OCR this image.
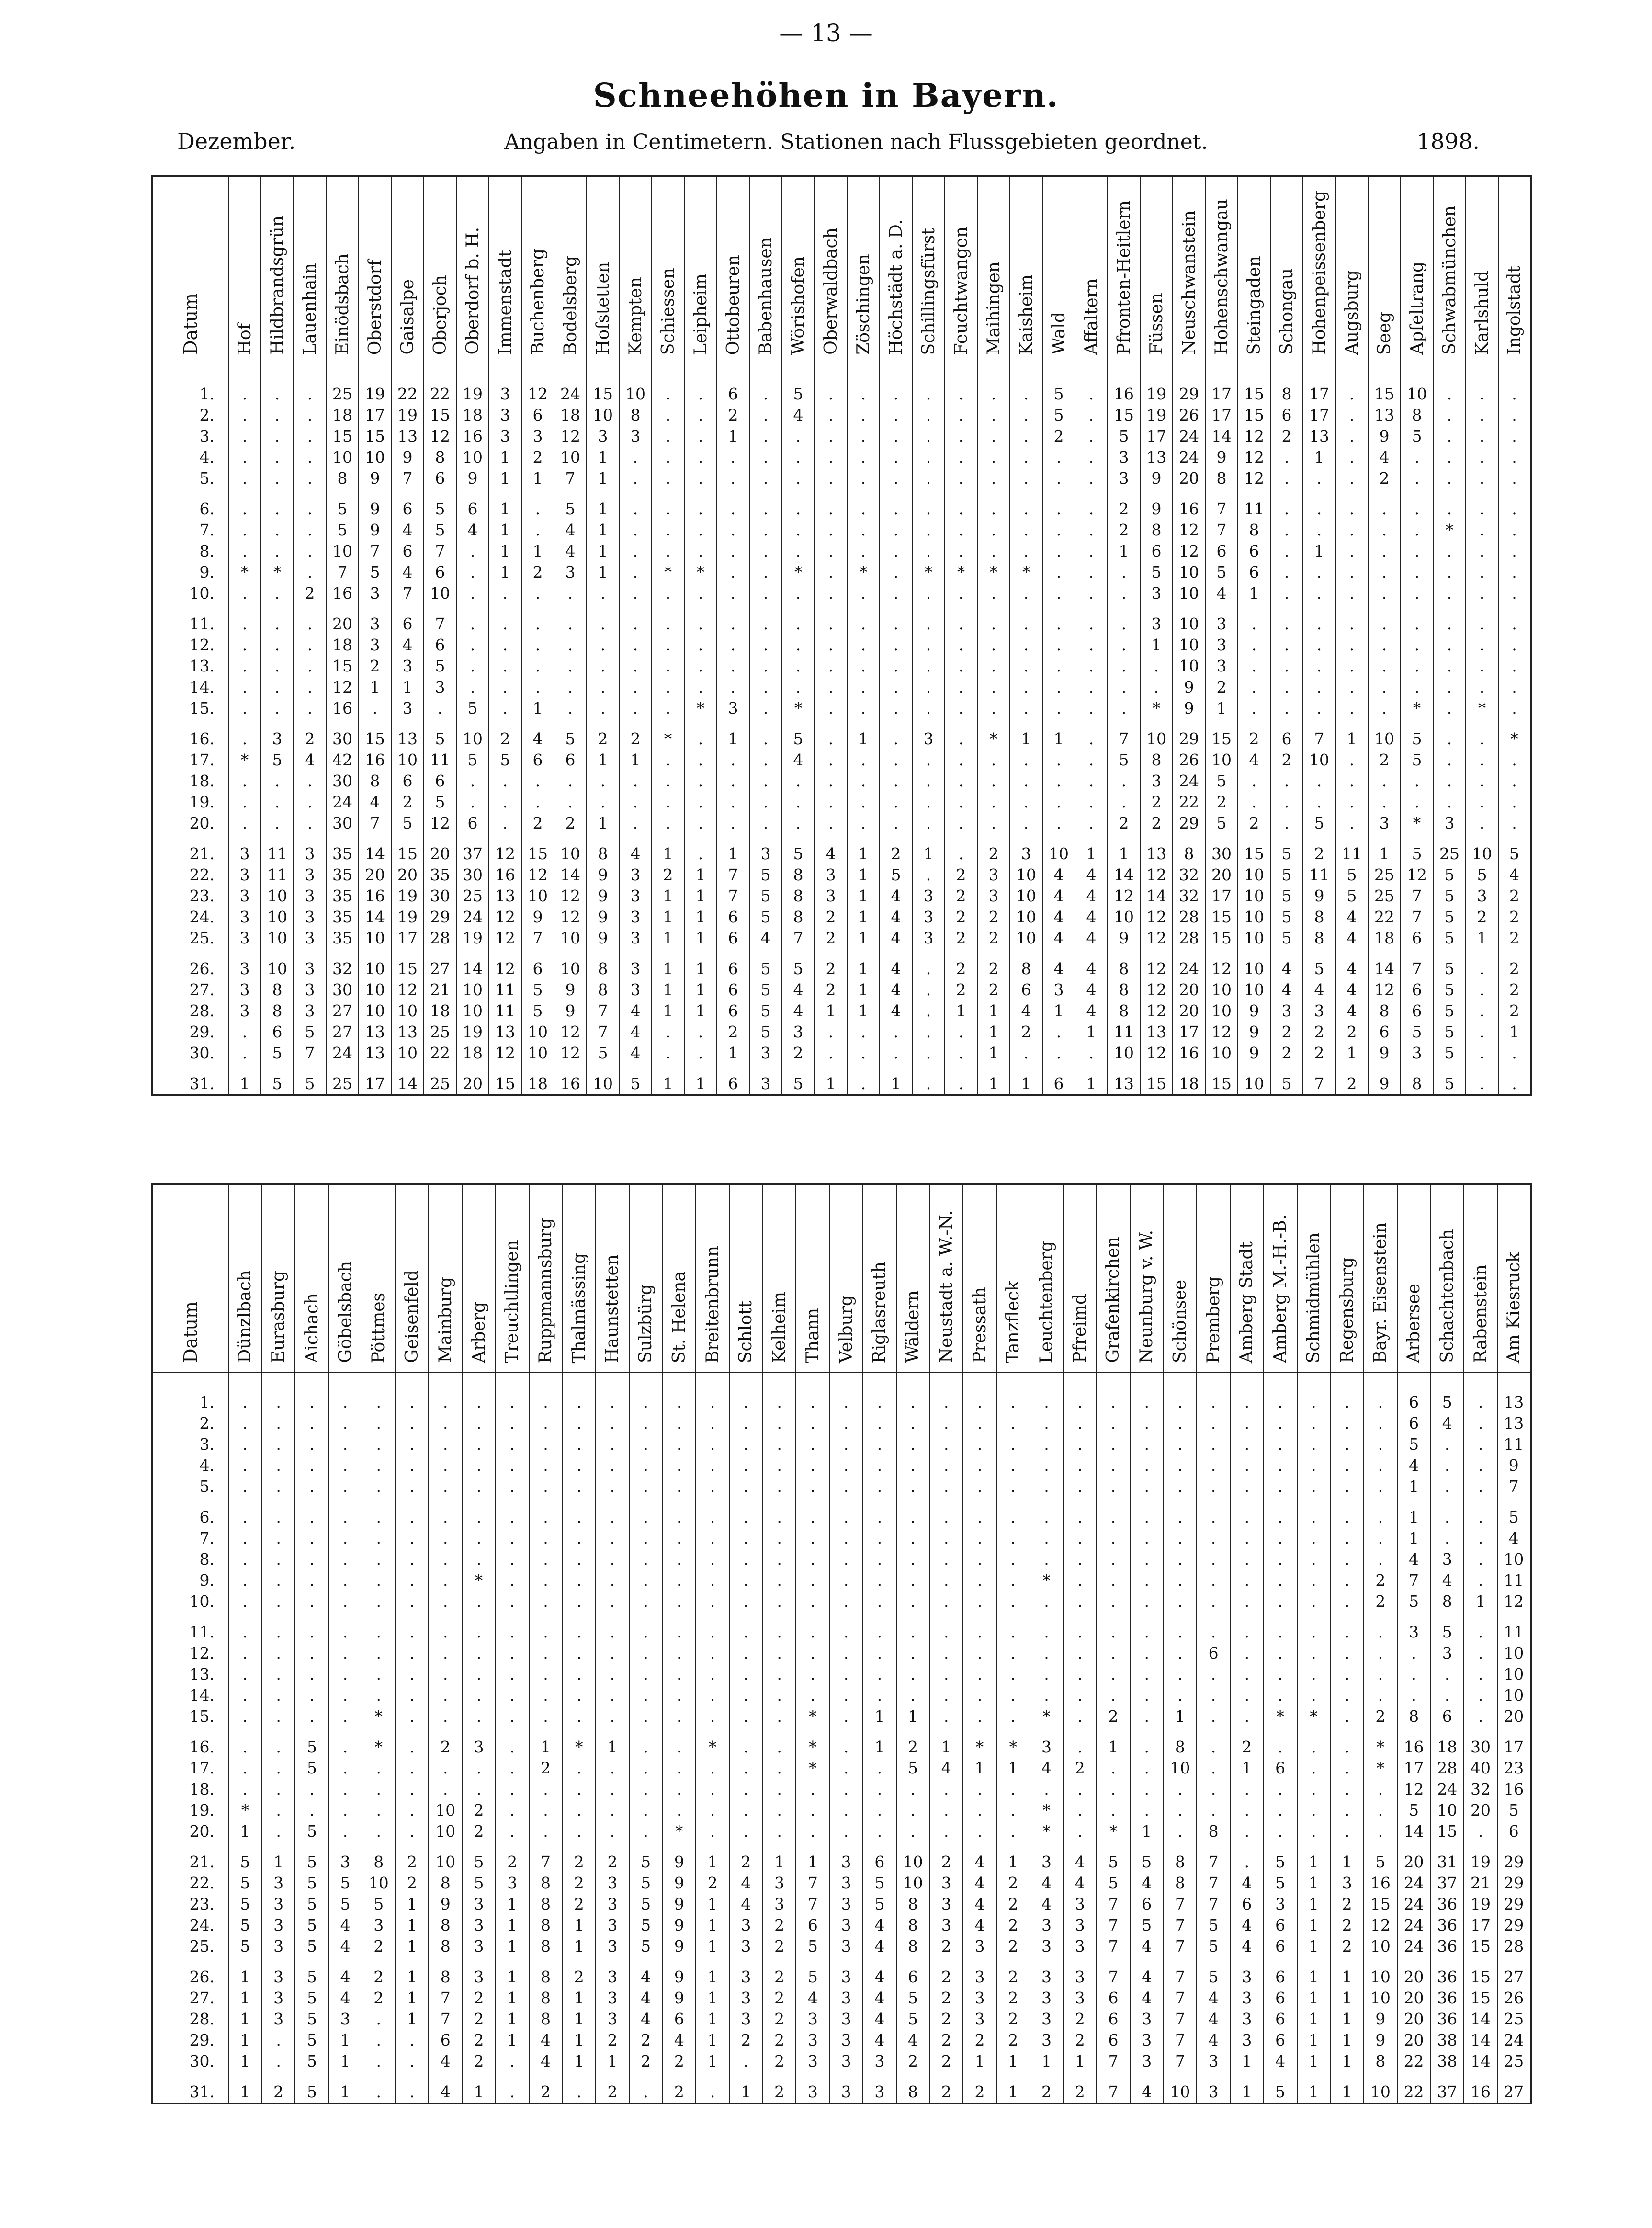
— 13 —
Schneehöhen in Bayern.
Dezember.	Angaben in Centimetern. Stationen nach Flussgebieten geordnet.	1898.
Datum	Hof	Hildbrandsgrün	Lauenhain	Einödsbach	Oberstdorf	Gaisalpe	Oberjoch	Oberdorf b. H.	Immenstadt	Buchenberg	Bodelsberg	Hofstetten	Kempten	Schiessen	Leipheim	Ottobeuren	Babenhausen	Wörishofen	Oberwaldbach	Zöschingen	Höchstädt a. D.	Schillingsfürst	Feuchtwangen	Maihingen	Kaisheim	Wald	Affaltern	Pfronten-Heitlern	Füssen	Neuschwanstein	Hohenschwangau	Steingaden	Schongau	Hohenpeissenberg	Augsburg	Seeg	Apfeltrang	Schwabmünchen	Karlshuld	Ingolstadt
1.	.	.	.	25	19	22	22	19	3	12	24	15	10	.	.	6	.	5	.	.	.	.	.	.	.	5	.	16	19	29	17	15	8	17	.	15	10	.	.	.
2.	.	.	.	18	17	19	15	18	3	6	18	10	8	.	.	2	.	4	.	.	.	.	.	.	.	5	.	15	19	26	17	15	6	17	.	13	8	.	.	.
3.	.	.	.	15	15	13	12	16	3	3	12	3	3	.	.	1	.	.	.	.	.	.	.	.	.	2	.	5	17	24	14	12	2	13	.	9	5	.	.	.
4.	.	.	.	10	10	9	8	10	1	2	10	1	.	.	.	.	.	.	.	.	.	.	.	.	.	.	.	3	13	24	9	12	.	1	.	4	.	.	.	.
5.	.	.	.	8	9	7	6	9	1	1	7	1	.	.	.	.	.	.	.	.	.	.	.	.	.	.	.	3	9	20	8	12	.	.	.	2	.	.	.	.
6.	.	.	.	5	9	6	5	6	1	.	5	1	.	.	.	.	.	.	.	.	.	.	.	.	.	.	.	2	9	16	7	11	.	.	.	.	.	.	.	.
7.	.	.	.	5	9	4	5	4	1	.	4	1	.	.	.	.	.	.	.	.	.	.	.	.	.	.	.	2	8	12	7	8	.	.	.	.	.	*	.	.
8.	.	.	.	10	7	6	7	.	1	1	4	1	.	.	.	.	.	.	.	.	.	.	.	.	.	.	.	1	6	12	6	6	.	1	.	.	.	.	.	.
9.	*	*	.	7	5	4	6	.	1	2	3	1	.	*	*	.	.	*	.	*	.	*	*	*	*	.	.	.	5	10	5	6	.	.	.	.	.	.	.	.
10.	.	.	2	16	3	7	10	.	.	.	.	.	.	.	.	.	.	.	.	.	.	.	.	.	.	.	.	.	3	10	4	1	.	.	.	.	.	.	.	.
11.	.	.	.	20	3	6	7	.	.	.	.	.	.	.	.	.	.	.	.	.	.	.	.	.	.	.	.	.	3	10	3	.	.	.	.	.	.	.	.	.
12.	.	.	.	18	3	4	6	.	.	.	.	.	.	.	.	.	.	.	.	.	.	.	.	.	.	.	.	.	1	10	3	.	.	.	.	.	.	.	.	.
13.	.	.	.	15	2	3	5	.	.	.	.	.	.	.	.	.	.	.	.	.	.	.	.	.	.	.	.	.	.	10	3	.	.	.	.	.	.	.	.	.
14.	.	.	.	12	1	1	3	.	.	.	.	.	.	.	.	.	.	.	.	.	.	.	.	.	.	.	.	.	.	9	2	.	.	.	.	.	.	.	.	.
15.	.	.	.	16	.	3	.	5	.	1	.	.	.	.	*	3	.	*	.	.	.	.	.	.	.	.	.	.	*	9	1	.	.	.	.	.	*	.	*	.
16.	.	3	2	30	15	13	5	10	2	4	5	2	2	*	.	1	.	5	.	1	.	3	.	*	1	1	.	7	10	29	15	2	6	7	1	10	5	.	.	*
17.	*	5	4	42	16	10	11	5	5	6	6	1	1	.	.	.	.	4	.	.	.	.	.	.	.	.	.	5	8	26	10	4	2	10	.	2	5	.	.	.
18.	.	.	.	30	8	6	6	.	.	.	.	.	.	.	.	.	.	.	.	.	.	.	.	.	.	.	.	.	3	24	5	.	.	.	.	.	.	.	.	.
19.	.	.	.	24	4	2	5	.	.	.	.	.	.	.	.	.	.	.	.	.	.	.	.	.	.	.	.	.	2	22	2	.	.	.	.	.	.	.	.	.
20.	.	.	.	30	7	5	12	6	.	2	2	1	.	.	.	.	.	.	.	.	.	.	.	.	.	.	.	2	2	29	5	2	.	5	.	3	*	3	.	.
21.	3	11	3	35	14	15	20	37	12	15	10	8	4	1	.	1	3	5	4	1	2	1	.	2	3	10	1	1	13	8	30	15	5	2	11	1	5	25	10	5
22.	3	11	3	35	20	20	35	30	16	12	14	9	3	2	1	7	5	8	3	1	5	.	2	3	10	4	4	14	12	32	20	10	5	11	5	25	12	5	5	4
23.	3	10	3	35	16	19	30	25	13	10	12	9	3	1	1	7	5	8	3	1	4	3	2	3	10	4	4	12	14	32	17	10	5	9	5	25	7	5	3	2
24.	3	10	3	35	14	19	29	24	12	9	12	9	3	1	1	6	5	8	2	1	4	3	2	2	10	4	4	10	12	28	15	10	5	8	4	22	7	5	2	2
25.	3	10	3	35	10	17	28	19	12	7	10	9	3	1	1	6	4	7	2	1	4	3	2	2	10	4	4	9	12	28	15	10	5	8	4	18	6	5	1	2
26.	3	10	3	32	10	15	27	14	12	6	10	8	3	1	1	6	5	5	2	1	4	.	2	2	8	4	4	8	12	24	12	10	4	5	4	14	7	5	.	2
27.	3	8	3	30	10	12	21	10	11	5	9	8	3	1	1	6	5	4	2	1	4	.	2	2	6	3	4	8	12	20	10	10	4	4	4	12	6	5	.	2
28.	3	8	3	27	10	10	18	10	11	5	9	7	4	1	1	6	5	4	1	1	4	.	1	1	4	1	4	8	12	20	10	9	3	3	4	8	6	5	.	2
29.	.	6	5	27	13	13	25	19	13	10	12	7	4	.	.	2	5	3	.	.	.	.	.	1	2	.	1	11	13	17	12	9	2	2	2	6	5	5	.	1
30.	.	5	7	24	13	10	22	18	12	10	12	5	4	.	.	1	3	2	.	.	.	.	.	1	.	.	.	10	12	16	10	9	2	2	1	9	3	5	.	.
31.	1	5	5	25	17	14	25	20	15	18	16	10	5	1	1	6	3	5	1	.	1	.	.	1	1	6	1	13	15	18	15	10	5	7	2	9	8	5	.	.
Datum	Dünzlbach	Eurasburg	Aichach	Göbelsbach	Pöttmes	Geisenfeld	Mainburg	Arberg	Treuchtlingen	Ruppmannsburg	Thalmässing	Haunstetten	Sulzbürg	St. Helena	Breitenbrunn	Schlott	Kelheim	Thann	Velburg	Riglasreuth	Wäldern	Neustadt a. W.-N.	Pressath	Tanzfleck	Leuchtenberg	Pfreimd	Grafenkirchen	Neunburg v. W.	Schönsee	Premberg	Amberg Stadt	Amberg M.-H.-B.	Schmidmühlen	Regensburg	Bayr. Eisenstein	Arbersee	Schachtenbach	Rabenstein	Am Kiesruck
1.	.	.	.	.	.	.	.	.	.	.	.	.	.	.	.	.	.	.	.	.	.	.	.	.	.	.	.	.	.	.	.	.	.	.	.	6	5	.	13
2.	.	.	.	.	.	.	.	.	.	.	.	.	.	.	.	.	.	.	.	.	.	.	.	.	.	.	.	.	.	.	.	.	.	.	.	6	4	.	13
3.	.	.	.	.	.	.	.	.	.	.	.	.	.	.	.	.	.	.	.	.	.	.	.	.	.	.	.	.	.	.	.	.	.	.	.	5	.	.	11
4.	.	.	.	.	.	.	.	.	.	.	.	.	.	.	.	.	.	.	.	.	.	.	.	.	.	.	.	.	.	.	.	.	.	.	.	4	.	.	9
5.	.	.	.	.	.	.	.	.	.	.	.	.	.	.	.	.	.	.	.	.	.	.	.	.	.	.	.	.	.	.	.	.	.	.	.	1	.	.	7
6.	.	.	.	.	.	.	.	.	.	.	.	.	.	.	.	.	.	.	.	.	.	.	.	.	.	.	.	.	.	.	.	.	.	.	.	1	.	.	5
7.	.	.	.	.	.	.	.	.	.	.	.	.	.	.	.	.	.	.	.	.	.	.	.	.	.	.	.	.	.	.	.	.	.	.	.	1	.	.	4
8.	.	.	.	.	.	.	.	.	.	.	.	.	.	.	.	.	.	.	.	.	.	.	.	.	.	.	.	.	.	.	.	.	.	.	.	4	3	.	10
9.	.	.	.	.	.	.	.	*	.	.	.	.	.	.	.	.	.	.	.	.	.	.	.	.	*	.	.	.	.	.	.	.	.	.	2	7	4	.	11
10.	.	.	.	.	.	.	.	.	.	.	.	.	.	.	.	.	.	.	.	.	.	.	.	.	.	.	.	.	.	.	.	.	.	.	2	5	8	1	12
11.	.	.	.	.	.	.	.	.	.	.	.	.	.	.	.	.	.	.	.	.	.	.	.	.	.	.	.	.	.	.	.	.	.	.	.	3	5	.	11
12.	.	.	.	.	.	.	.	.	.	.	.	.	.	.	.	.	.	.	.	.	.	.	.	.	.	.	.	.	.	6	.	.	.	.	.	.	3	.	10
13.	.	.	.	.	.	.	.	.	.	.	.	.	.	.	.	.	.	.	.	.	.	.	.	.	.	.	.	.	.	.	.	.	.	.	.	.	.	.	10
14.	.	.	.	.	.	.	.	.	.	.	.	.	.	.	.	.	.	.	.	.	.	.	.	.	.	.	.	.	.	.	.	.	.	.	.	.	.	.	10
15.	.	.	.	.	*	.	.	.	.	.	.	.	.	.	.	.	.	*	.	1	1	.	.	.	*	.	2	.	1	.	.	*	*	.	2	8	6	.	20
16.	.	.	5	.	*	.	2	3	.	1	*	1	.	.	*	.	.	*	.	1	2	1	*	*	3	.	1	.	8	.	2	.	.	.	*	16	18	30	17
17.	.	.	5	.	.	.	.	.	.	2	.	.	.	.	.	.	.	*	.	.	5	4	1	1	4	2	.	.	10	.	1	6	.	.	*	17	28	40	23
18.	.	.	.	.	.	.	.	.	.	.	.	.	.	.	.	.	.	.	.	.	.	.	.	.	.	.	.	.	.	.	.	.	.	.	.	12	24	32	16
19.	*	.	.	.	.	.	10	2	.	.	.	.	.	.	.	.	.	.	.	.	.	.	.	.	*	.	.	.	.	.	.	.	.	.	.	5	10	20	5
20.	1	.	5	.	.	.	10	2	.	.	.	.	.	*	.	.	.	.	.	.	.	.	.	.	*	.	*	1	.	8	.	.	.	.	.	14	15	.	6
21.	5	1	5	3	8	2	10	5	2	7	2	2	5	9	1	2	1	1	3	6	10	2	4	1	3	4	5	5	8	7	.	5	1	1	5	20	31	19	29
22.	5	3	5	5	10	2	8	5	3	8	2	3	5	9	2	4	3	7	3	5	10	3	4	2	4	4	5	4	8	7	4	5	1	3	16	24	37	21	29
23.	5	3	5	5	5	1	9	3	1	8	2	3	5	9	1	4	3	7	3	5	8	3	4	2	4	3	7	6	7	7	6	3	1	2	15	24	36	19	29
24.	5	3	5	4	3	1	8	3	1	8	1	3	5	9	1	3	2	6	3	4	8	3	4	2	3	3	7	5	7	5	4	6	1	2	12	24	36	17	29
25.	5	3	5	4	2	1	8	3	1	8	1	3	5	9	1	3	2	5	3	4	8	2	3	2	3	3	7	4	7	5	4	6	1	2	10	24	36	15	28
26.	1	3	5	4	2	1	8	3	1	8	2	3	4	9	1	3	2	5	3	4	6	2	3	2	3	3	7	4	7	5	3	6	1	1	10	20	36	15	27
27.	1	3	5	4	2	1	7	2	1	8	1	3	4	9	1	3	2	4	3	4	5	2	3	2	3	3	6	4	7	4	3	6	1	1	10	20	36	15	26
28.	1	3	5	3	.	1	7	2	1	8	1	3	4	6	1	3	2	3	3	4	5	2	3	2	3	2	6	3	7	4	3	6	1	1	9	20	36	14	25
29.	1	.	5	1	.	.	6	2	1	4	1	2	2	4	1	2	2	3	3	4	4	2	2	2	3	2	6	3	7	4	3	6	1	1	9	20	38	14	24
30.	1	.	5	1	.	.	4	2	.	4	1	1	2	2	1	.	2	3	3	3	2	2	1	1	1	1	7	3	7	3	1	4	1	1	8	22	38	14	25
31.	1	2	5	1	.	.	4	1	.	2	.	2	.	2	.	1	2	3	3	3	8	2	2	1	2	2	7	4	10	3	1	5	1	1	10	22	37	16	27
